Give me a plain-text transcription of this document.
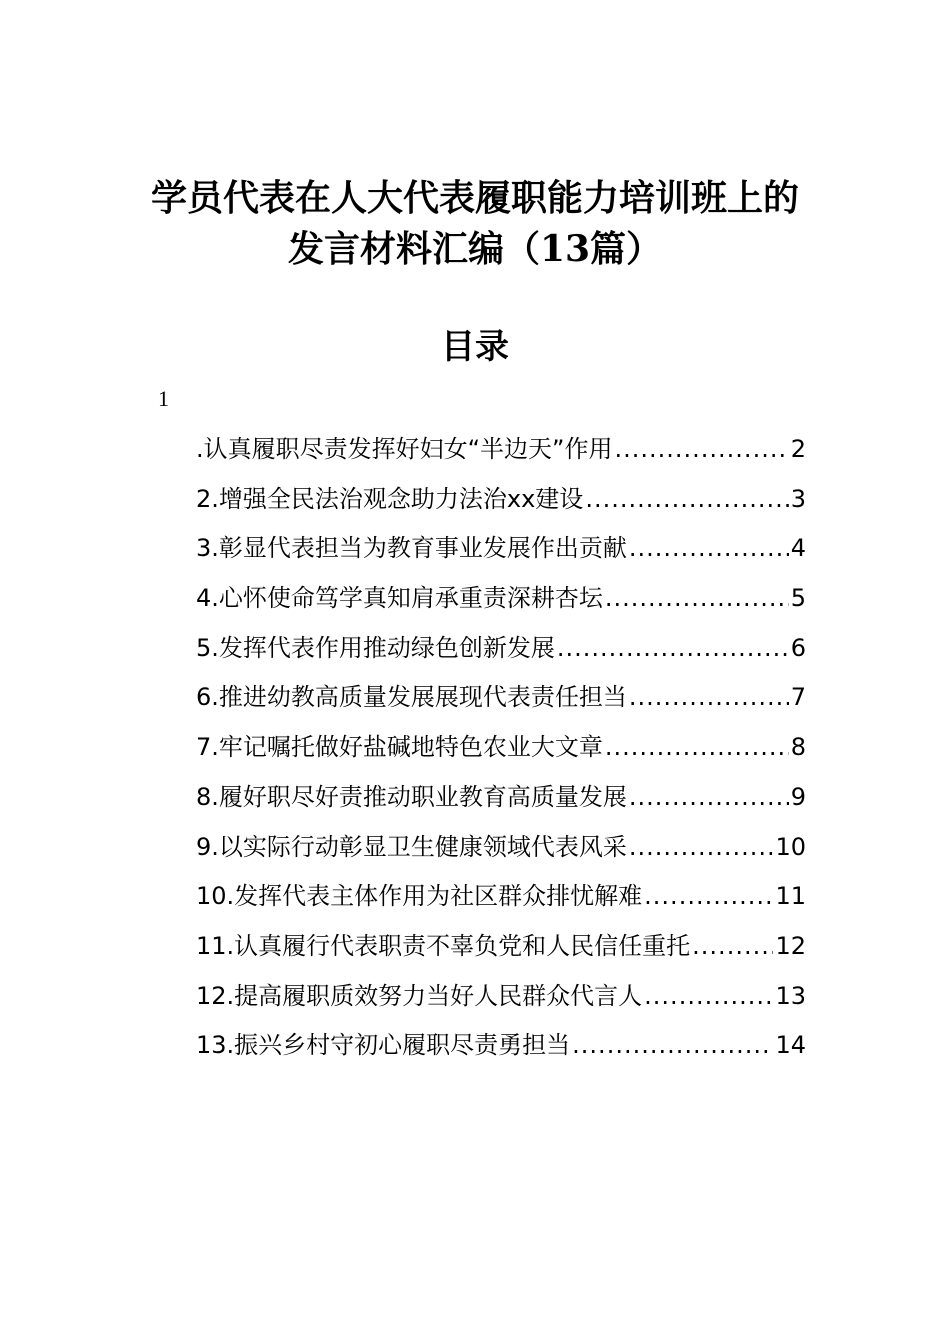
学员代表在人大代表履职能力培训班上的
发言材料汇编（13篇）
目录
1
.认真履职尽责发挥好妇女“半边天”作用 .....	2
2.增强全民法治观念助力法治xx建设 .....	3
3.彰显代表担当为教育事业发展作出贡献 .....	4
4.心怀使命笃学真知肩承重责深耕杏坛 .....	5
5.发挥代表作用推动绿色创新发展 .....	6
6.推进幼教高质量发展展现代表责任担当 .....	7
7.牢记嘱托做好盐碱地特色农业大文章 .....	8
8.履好职尽好责推动职业教育高质量发展 .....	9
9.以实际行动彰显卫生健康领域代表风采 .....	10
10.发挥代表主体作用为社区群众排忧解难 .....	11
11.认真履行代表职责不辜负党和人民信任重托 .....	12
12.提高履职质效努力当好人民群众代言人 .....	13
13.振兴乡村守初心履职尽责勇担当 .....	14
